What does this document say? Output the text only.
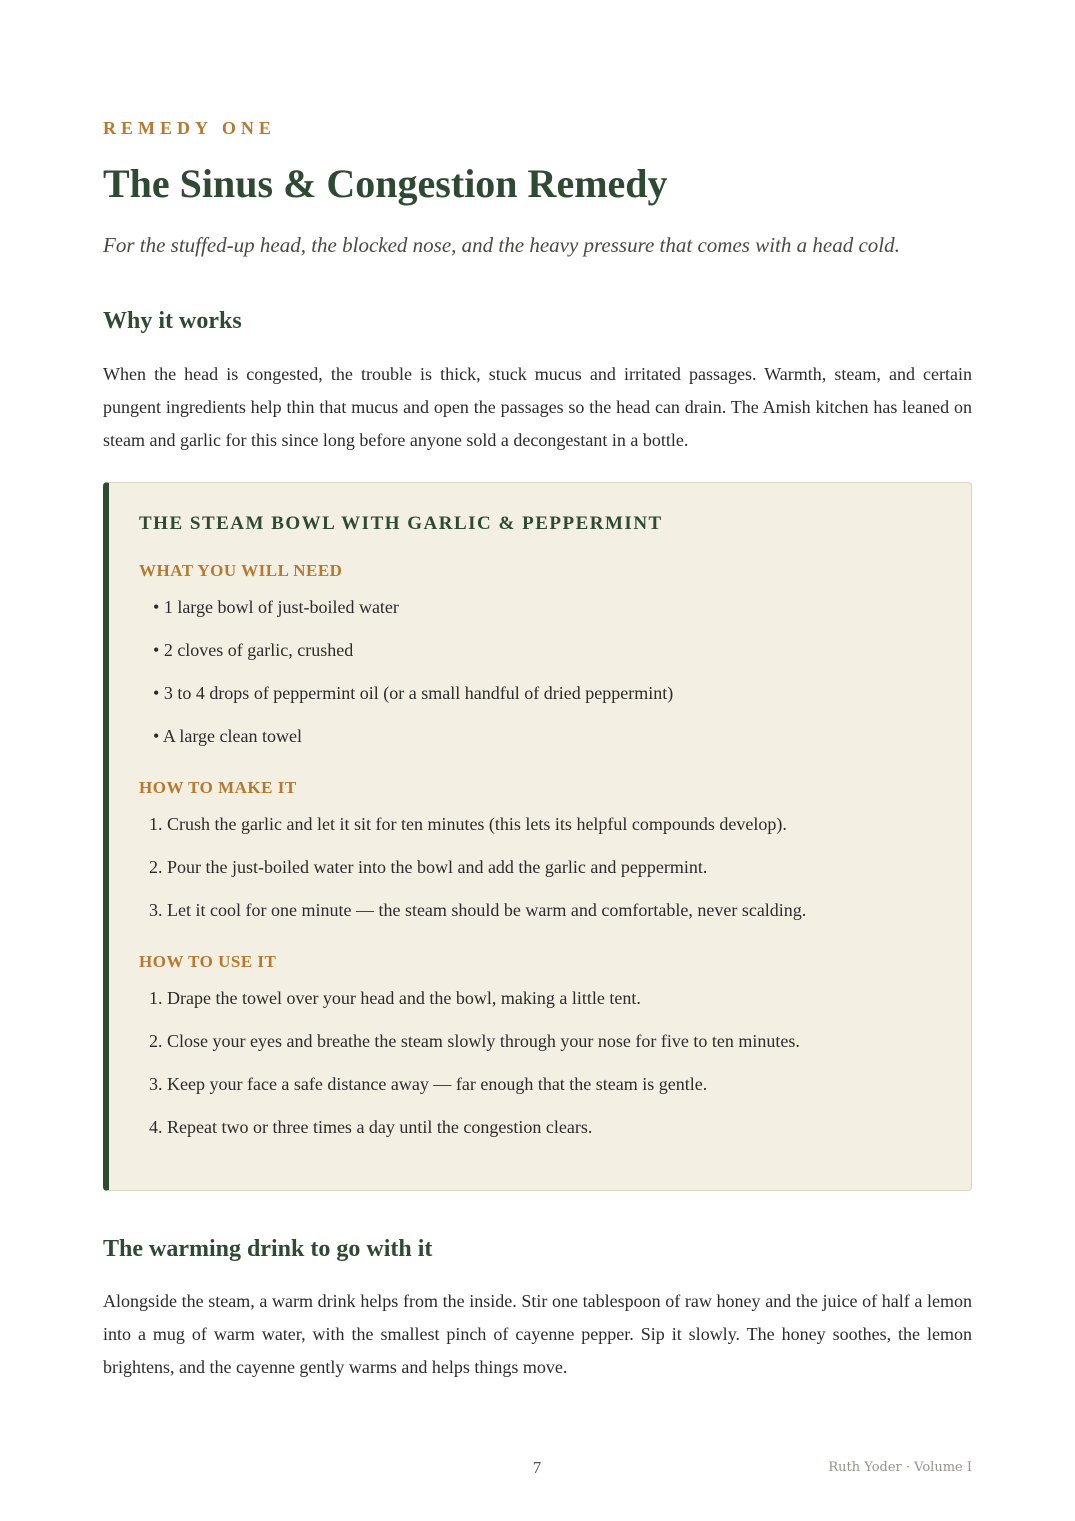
REMEDY ONE
The Sinus & Congestion Remedy
For the stuffed-up head, the blocked nose, and the heavy pressure that comes with a head cold.
Why it works

When the head is congested, the trouble is thick, stuck mucus and irritated passages. Warmth, steam, and certain pungent ingredients help thin that mucus and open the passages so the head can drain. The Amish kitchen has leaned on steam and garlic for this since long before anyone sold a decongestant in a bottle.

THE STEAM BOWL WITH GARLIC & PEPPERMINT
WHAT YOU WILL NEED
• 1 large bowl of just-boiled water
• 2 cloves of garlic, crushed
• 3 to 4 drops of peppermint oil (or a small handful of dried peppermint)
• A large clean towel
HOW TO MAKE IT
1. Crush the garlic and let it sit for ten minutes (this lets its helpful compounds develop).
2. Pour the just-boiled water into the bowl and add the garlic and peppermint.
3. Let it cool for one minute — the steam should be warm and comfortable, never scalding.
HOW TO USE IT
1. Drape the towel over your head and the bowl, making a little tent.
2. Close your eyes and breathe the steam slowly through your nose for five to ten minutes.
3. Keep your face a safe distance away — far enough that the steam is gentle.
4. Repeat two or three times a day until the congestion clears.
The warming drink to go with it

Alongside the steam, a warm drink helps from the inside. Stir one tablespoon of raw honey and the juice of half a lemon into a mug of warm water, with the smallest pinch of cayenne pepper. Sip it slowly. The honey soothes, the lemon brightens, and the cayenne gently warms and helps things move.

7	Ruth Yoder · Volume I
